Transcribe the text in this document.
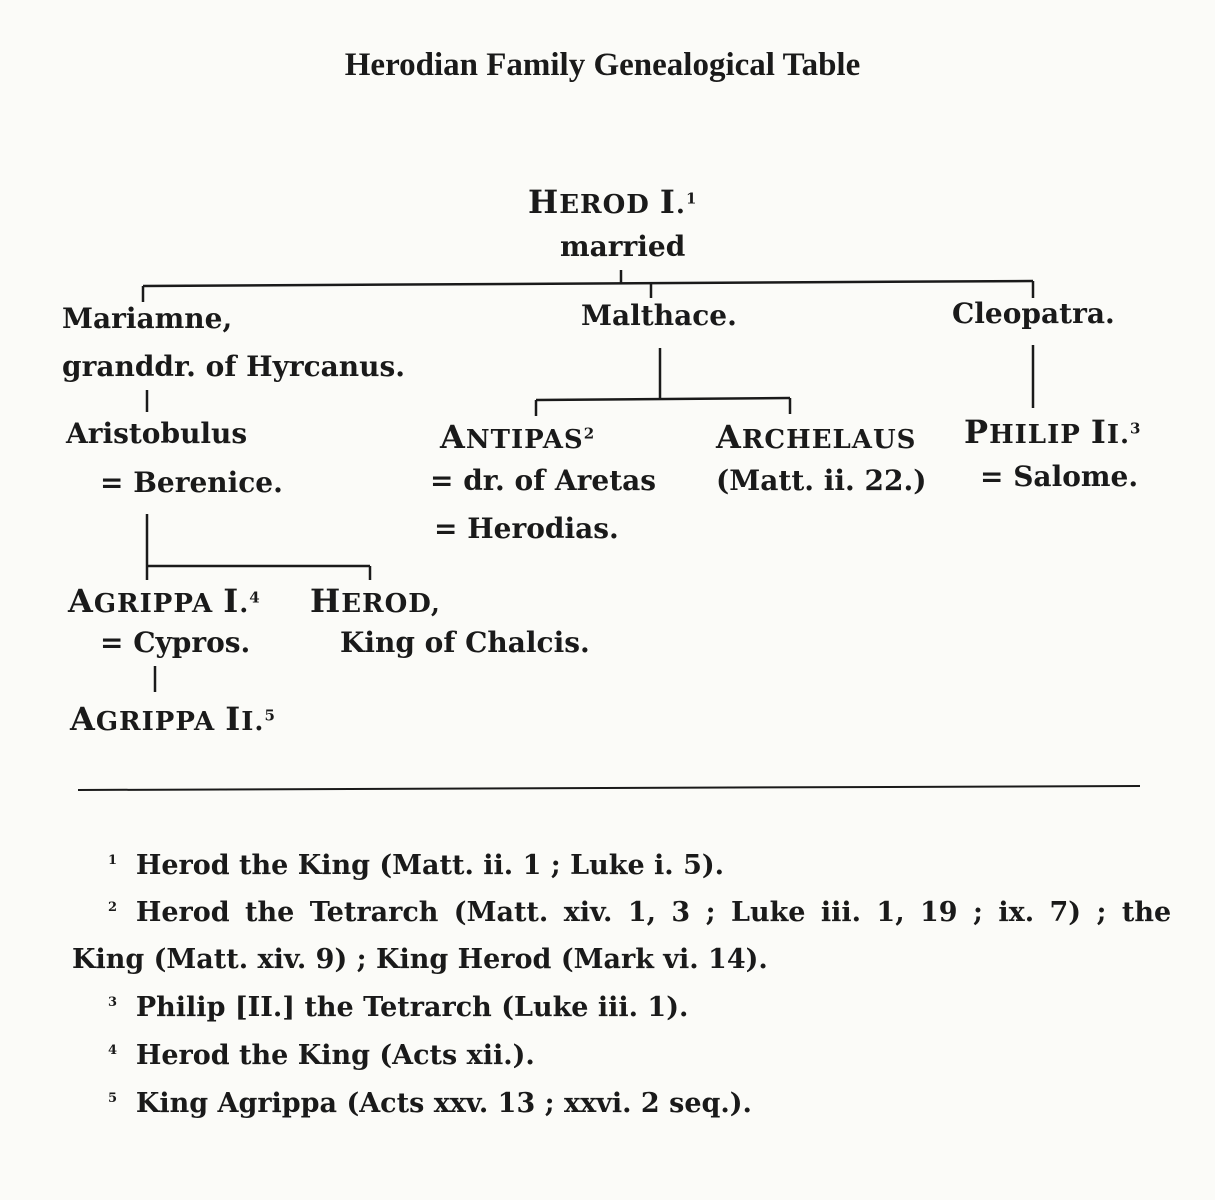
Herodian Family Genealogical Table
HEROD I.$^1$
married
Mariamne,
granddr. of Hyrcanus.
Malthace.	Cleopatra.
Aristobulus
= Berenice.
$ANTIPAS^2$
= dr. of Aretas
= Herodias.
ARCHELAUS
(Matt. ii. 22.)
PHILIP II.$^3$
= Salome.
AGRIPPA I.$^4$
= Cypros.
HEROD,
King of Chalcis.
AGRIPPA II.$^5$
$^1$ Herod the King (Matt. ii. 1 ; Luke i. 5).
$^2$ Herod the Tetrarch (Matt. xiv. 1, 3 ; Luke iii. 1, 19 ; ix. 7) ; the
King (Matt. xiv. 9) ; King Herod (Mark vi. 14).
$^3$ Philip [II.] the Tetrarch (Luke iii. 1).
$^4$ Herod the King (Acts xii.).
$^5$ King Agrippa (Acts xxv. 13 ; xxvi. 2 seq.).
